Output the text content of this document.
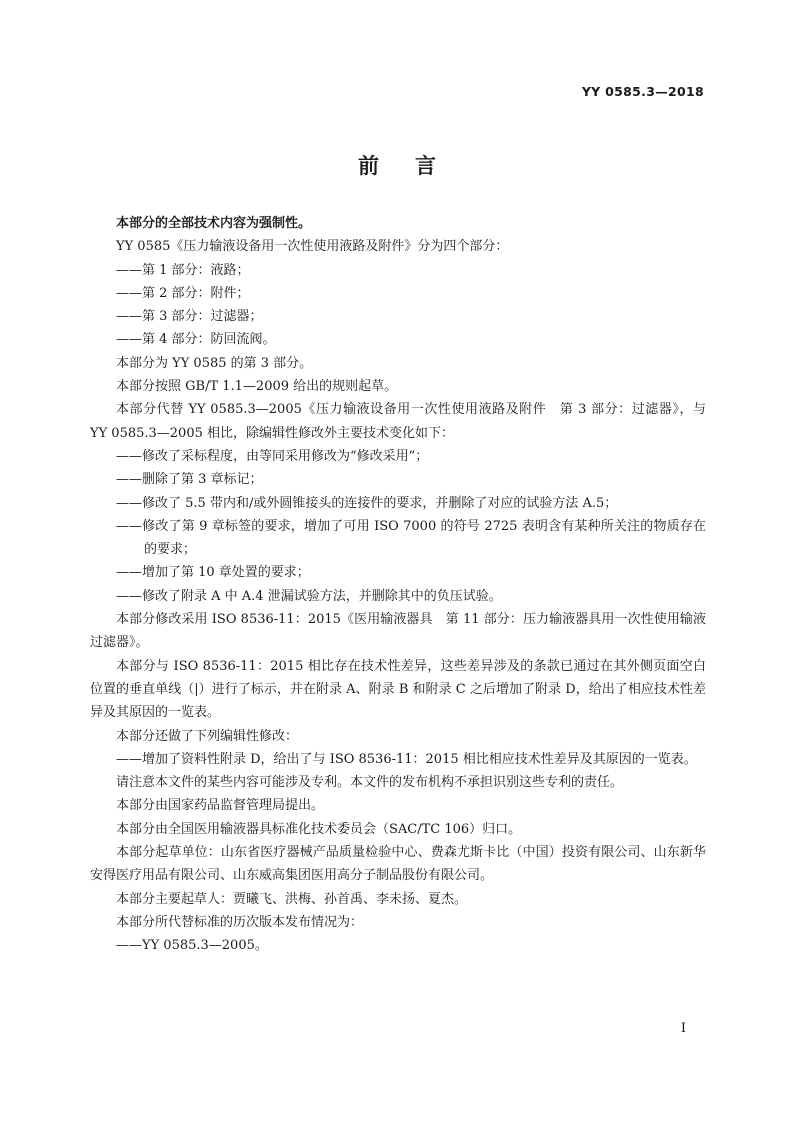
YY 0585.3—2018
前言

本部分的全部技术内容为强制性。

YY 0585《压力输液设备用一次性使用液路及附件》分为四个部分：

——第 1 部分：液路；

——第 2 部分：附件；

——第 3 部分：过滤器；

——第 4 部分：防回流阀。

本部分为 YY 0585 的第 3 部分。

本部分按照 GB/T 1.1—2009 给出的规则起草。

本部分代替 YY 0585.3—2005《压力输液设备用一次性使用液路及附件　第 3 部分：过滤器》，与 YY 0585.3—2005 相比，除编辑性修改外主要技术变化如下：

——修改了采标程度，由等同采用修改为“修改采用”；

——删除了第 3 章标记；

——修改了 5.5 带内和/或外圆锥接头的连接件的要求，并删除了对应的试验方法 A.5；

——修改了第 9 章标签的要求，增加了可用 ISO 7000 的符号 2725 表明含有某种所关注的物质存在的要求；

——增加了第 10 章处置的要求；

——修改了附录 A 中 A.4 泄漏试验方法，并删除其中的负压试验。

本部分修改采用 ISO 8536-11：2015《医用输液器具　第 11 部分：压力输液器具用一次性使用输液过滤器》。

本部分与 ISO 8536-11：2015 相比存在技术性差异，这些差异涉及的条款已通过在其外侧页面空白位置的垂直单线（|）进行了标示，并在附录 A、附录 B 和附录 C 之后增加了附录 D，给出了相应技术性差异及其原因的一览表。

本部分还做了下列编辑性修改：

——增加了资料性附录 D，给出了与 ISO 8536-11：2015 相比相应技术性差异及其原因的一览表。

请注意本文件的某些内容可能涉及专利。本文件的发布机构不承担识别这些专利的责任。

本部分由国家药品监督管理局提出。

本部分由全国医用输液器具标准化技术委员会（SAC/TC 106）归口。

本部分起草单位：山东省医疗器械产品质量检验中心、费森尤斯卡比（中国）投资有限公司、山东新华安得医疗用品有限公司、山东威高集团医用高分子制品股份有限公司。

本部分主要起草人：贾曦飞、洪梅、孙首禹、李未扬、夏杰。

本部分所代替标准的历次版本发布情况为：

——YY 0585.3—2005。

I
